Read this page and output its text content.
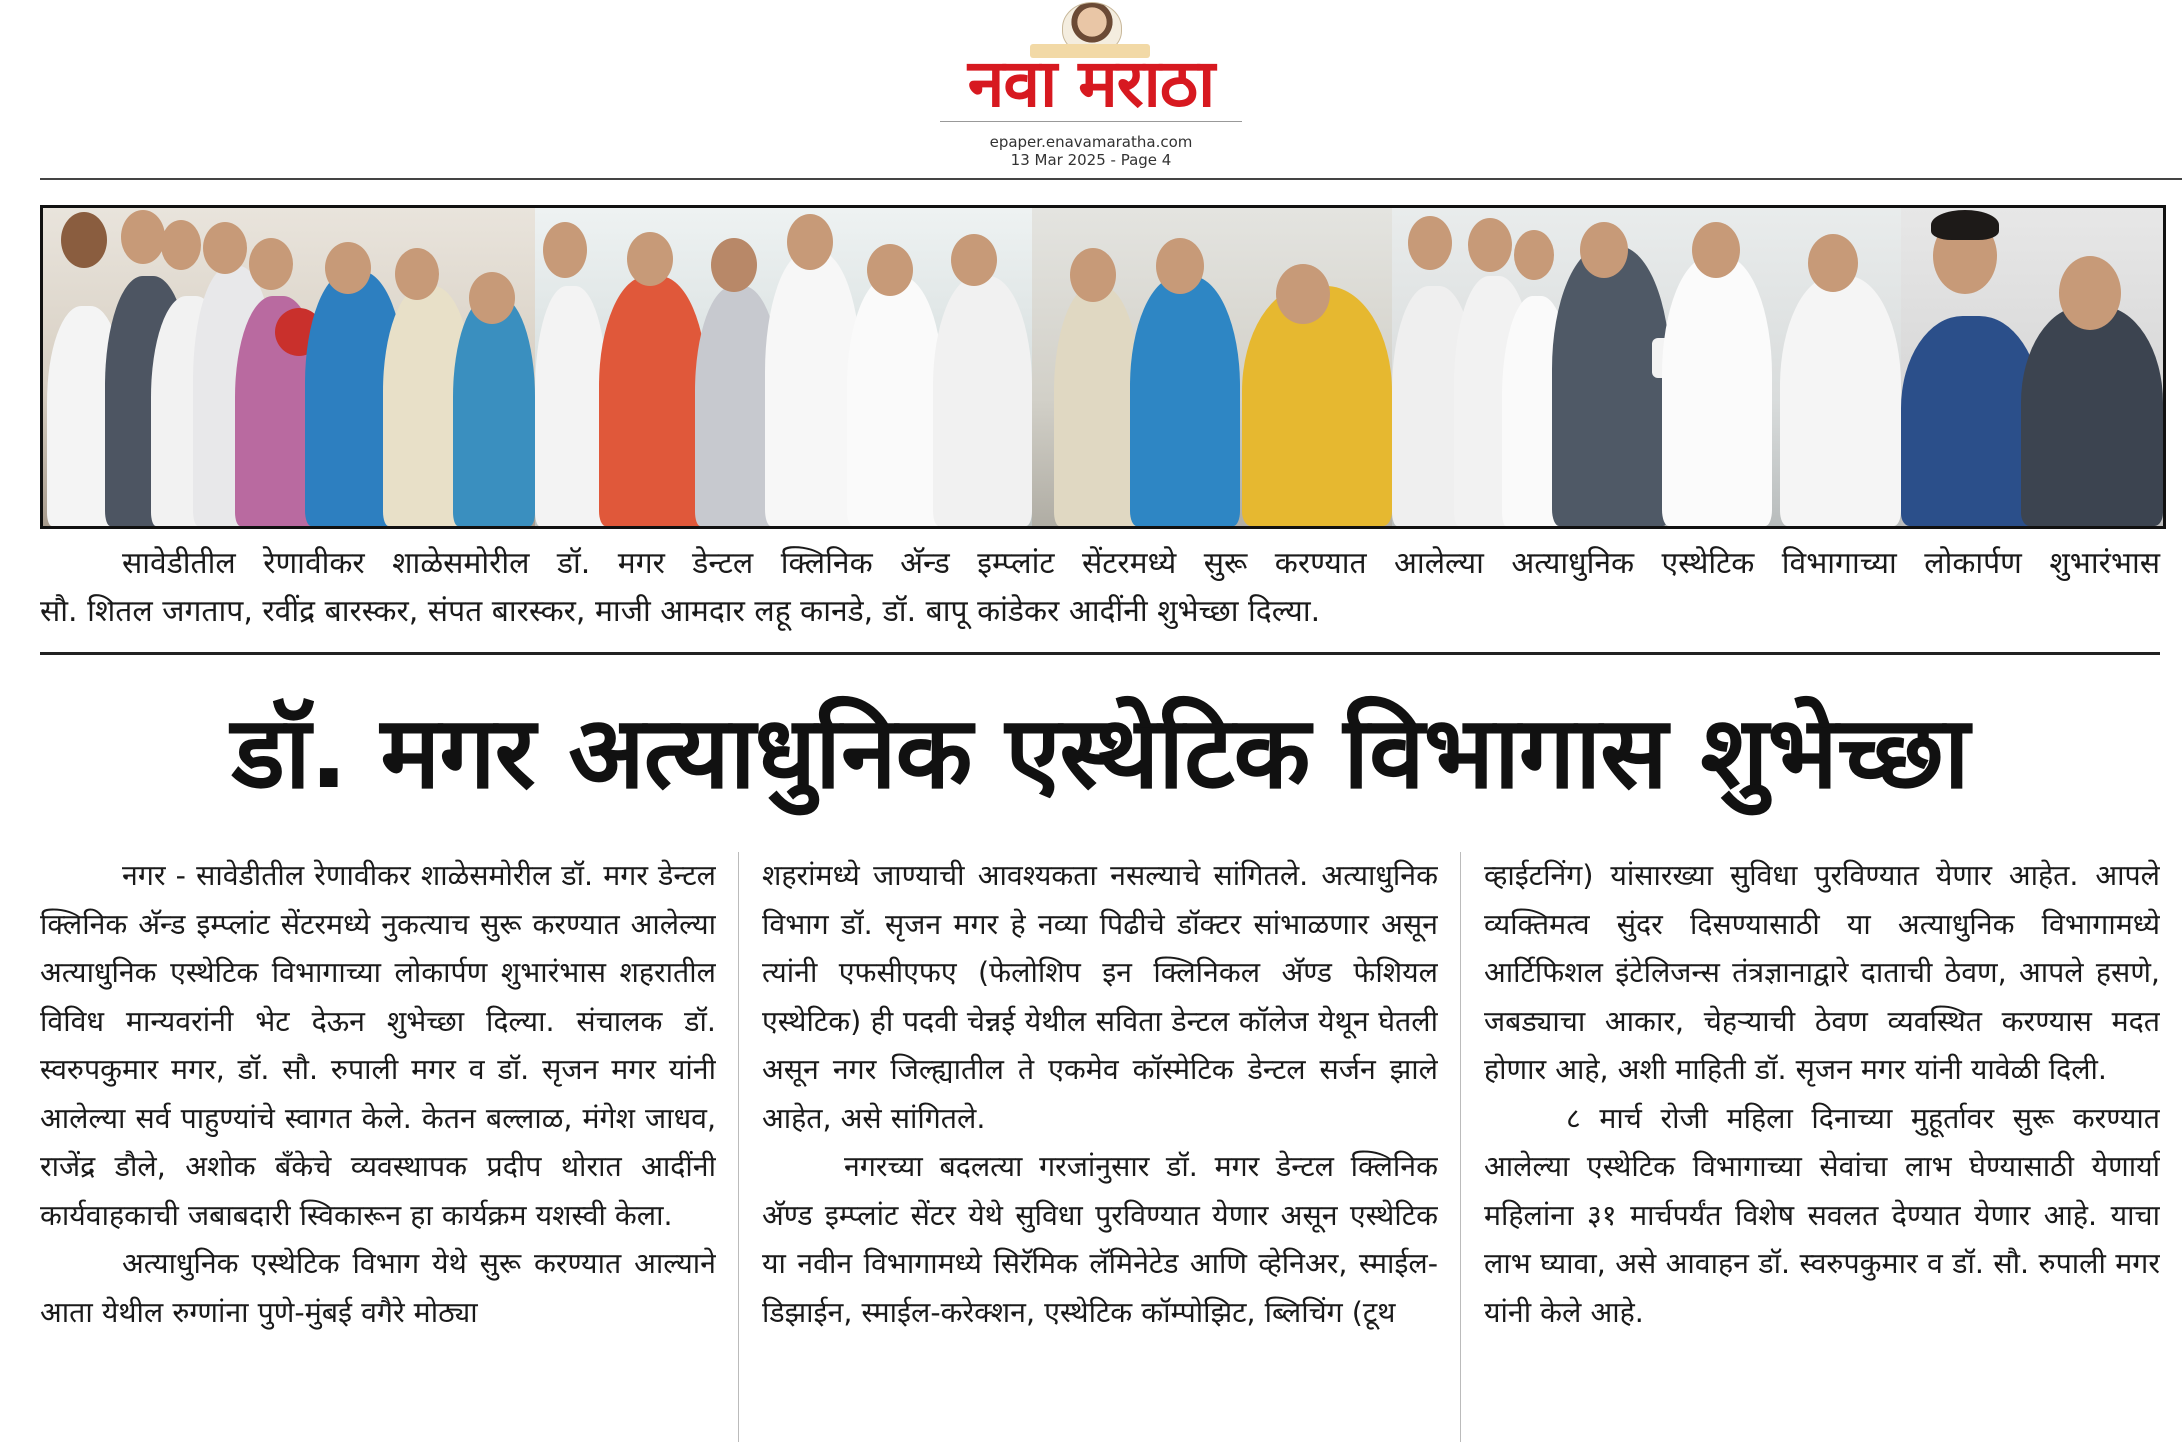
नवा मराठा
epaper.enavamaratha.com
13 Mar 2025 - Page 4

सावेडीतील रेणावीकर शाळेसमोरील डॉ. मगर डेन्टल क्लिनिक अ‍ॅन्ड इम्प्लांट सेंटरमध्ये सुरू करण्यात आलेल्या अत्याधुनिक एस्थेटिक विभागाच्या लोकार्पण शुभारंभास
सौ. शितल जगताप, रवींद्र बारस्कर, संपत बारस्कर, माजी आमदार लहू कानडे, डॉ. बापू कांडेकर आदींनी शुभेच्छा दिल्या.

डॉ. मगर अत्याधुनिक एस्थेटिक विभागास शुभेच्छा

नगर - सावेडीतील रेणावीकर शाळेसमोरील डॉ. मगर डेन्टल क्लिनिक अ‍ॅन्ड इम्प्लांट सेंटरमध्ये नुकत्याच सुरू करण्यात आलेल्या अत्याधुनिक एस्थेटिक विभागाच्या लोकार्पण शुभारंभास शहरातील विविध मान्यवरांनी भेट देऊन शुभेच्छा दिल्या. संचालक डॉ. स्वरुपकुमार मगर, डॉ. सौ. रुपाली मगर व डॉ. सृजन मगर यांनी आलेल्या सर्व पाहुण्यांचे स्वागत केले. केतन बल्लाळ, मंगेश जाधव, राजेंद्र डौले, अशोक बँकेचे व्यवस्थापक प्रदीप थोरात आदींनी कार्यवाहकाची जबाबदारी स्विकारून हा कार्यक्रम यशस्वी केला.

अत्याधुनिक एस्थेटिक विभाग येथे सुरू करण्यात आल्याने आता येथील रुग्णांना पुणे-मुंबई वगैरे मोठ्या

शहरांमध्ये जाण्याची आवश्यकता नसल्याचे सांगितले. अत्याधुनिक विभाग डॉ. सृजन मगर हे नव्या पिढीचे डॉक्टर सांभाळणार असून त्यांनी एफसीएफए (फेलोशिप इन क्लिनिकल अ‍ॅण्ड फेशियल एस्थेटिक) ही पदवी चेन्नई येथील सविता डेन्टल कॉलेज येथून घेतली असून नगर जिल्ह्यातील ते एकमेव कॉस्मेटिक डेन्टल सर्जन झाले आहेत, असे सांगितले.

नगरच्या बदलत्या गरजांनुसार डॉ. मगर डेन्टल क्लिनिक अ‍ॅण्ड इम्प्लांट सेंटर येथे सुविधा पुरविण्यात येणार असून एस्थेटिक या नवीन विभागामध्ये सिरॅमिक लॅमिनेटेड आणि व्हेनिअर, स्माईल-डिझाईन, स्माईल-करेक्शन, एस्थेटिक कॉम्पोझिट, ब्लिचिंग (टूथ

व्हाईटनिंग) यांसारख्या सुविधा पुरविण्यात येणार आहेत. आपले व्यक्तिमत्व सुंदर दिसण्यासाठी या अत्याधुनिक विभागामध्ये आर्टिफिशल इंटेलिजन्स तंत्रज्ञानाद्वारे दाताची ठेवण, आपले हसणे, जबड्याचा आकार, चेहऱ्याची ठेवण व्यवस्थित करण्यास मदत होणार आहे, अशी माहिती डॉ. सृजन मगर यांनी यावेळी दिली.

८ मार्च रोजी महिला दिनाच्या मुहूर्तावर सुरू करण्यात आलेल्या एस्थेटिक विभागाच्या सेवांचा लाभ घेण्यासाठी येणार्या महिलांना ३१ मार्चपर्यंत विशेष सवलत देण्यात येणार आहे. याचा लाभ घ्यावा, असे आवाहन डॉ. स्वरुपकुमार व डॉ. सौ. रुपाली मगर यांनी केले आहे.
